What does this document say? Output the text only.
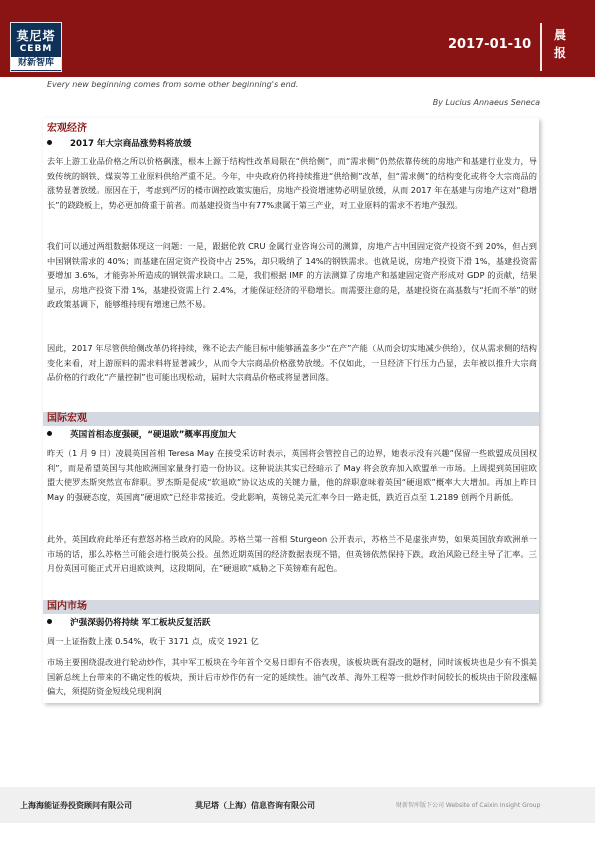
莫尼塔
CEBM
财新智库
2017-01-10
晨
报
Every new beginning comes from some other beginning's end.
By Lucius Annaeus Seneca
宏观经济
2017 年大宗商品涨势料将放缓

去年上游工业品价格之所以价格飙涨，根本上源于结构性改革局限在“供给侧”，而“需求侧”仍然依靠传统的房地产和基建行业发力，导致传统的钢铁、煤炭等工业原料供给严重不足。今年，中央政府仍将持续推进“供给侧”改革，但“需求侧”的结构变化或将令大宗商品的涨势显著放缓。原因在于，考虑到严厉的楼市调控政策实施后，房地产投资增速势必明显放缓，从而 2017 年在基建与房地产这对“稳增长”的跷跷板上，势必更加倚重于前者。而基建投资当中有77%隶属于第三产业，对工业原料的需求不若地产强烈。

我们可以通过两组数据体现这一问题：一是，跟据伦敦 CRU 金属行业咨询公司的测算，房地产占中国固定资产投资不到 20%，但占到中国钢铁需求的 40%；而基建在固定资产投资中占 25%，却只吸纳了 14%的钢铁需求。也就是说，房地产投资下滑 1%，基建投资需要增加 3.6%，才能弥补所造成的钢铁需求缺口。二是，我们根据 IMF 的方法测算了房地产和基建固定资产形成对 GDP 的贡献，结果显示，房地产投资下滑 1%，基建投资需上行 2.4%，才能保证经济的平稳增长。而需要注意的是，基建投资在高基数与“托而不举”的财政政策基调下，能够维持现有增速已然不易。

因此，2017 年尽管供给侧改革仍将持续，殊不论去产能目标中能够涵盖多少“在产”产能（从而会切实地减少供给），仅从需求侧的结构变化来看，对上游原料的需求料将显著减少，从而令大宗商品价格涨势放缓。不仅如此，一旦经济下行压力凸显，去年被以推升大宗商品价格的行政化“产量控制”也可能出现松动，届时大宗商品价格或将显著回落。

国际宏观
英国首相态度强硬，“硬退欧”概率再度加大

昨天（1 月 9 日）凌晨英国首相 Teresa May 在接受采访时表示，英国将会管控自己的边界，她表示没有兴趣“保留一些欧盟成员国权利”，而是希望英国与其他欧洲国家量身打造一份协议。这种说法其实已经暗示了 May 将会放弃加入欧盟单一市场。上周提到英国驻欧盟大使罗杰斯突然宣布辞职。罗杰斯是促成“软退欧”协议达成的关键力量，他的辞职意味着英国“硬退欧”概率大大增加。再加上昨日 May 的强硬态度，英国离”硬退欧“已经非常接近。受此影响，英镑兑美元汇率今日一路走低，跌近百点至 1.2189 创两个月新低。

此外，英国政府此举还有惹怒苏格兰政府的风险。苏格兰第一首相 Sturgeon 公开表示，苏格兰不是虚张声势，如果英国放弃欧洲单一市场的话，那么苏格兰可能会进行脱英公投。虽然近期英国的经济数据表现不错，但英镑依然保持下跌，政治风险已经主导了汇率。三月份英国可能正式开启退欧谈判，这段期间，在“硬退欧”威胁之下英镑难有起色。

国内市场
沪强深弱仍将持续 军工板块反复活跃

周一上证指数上涨 0.54%，收于 3171 点，成交 1921 亿

市场主要围绕混改进行轮动炒作，其中军工板块在今年首个交易日即有不俗表现，该板块既有混改的题材，同时该板块也是少有不惧美国新总统上台带来的不确定性的板块，预计后市炒作仍有一定的延续性。油气改革、海外工程等一批炒作时间较长的板块由于阶段涨幅偏大，须提防资金短线兑现利润

上海海能证券投资顾问有限公司	莫尼塔（上海）信息咨询有限公司	财新智库版下公司 Website of Caixin Insight Group
